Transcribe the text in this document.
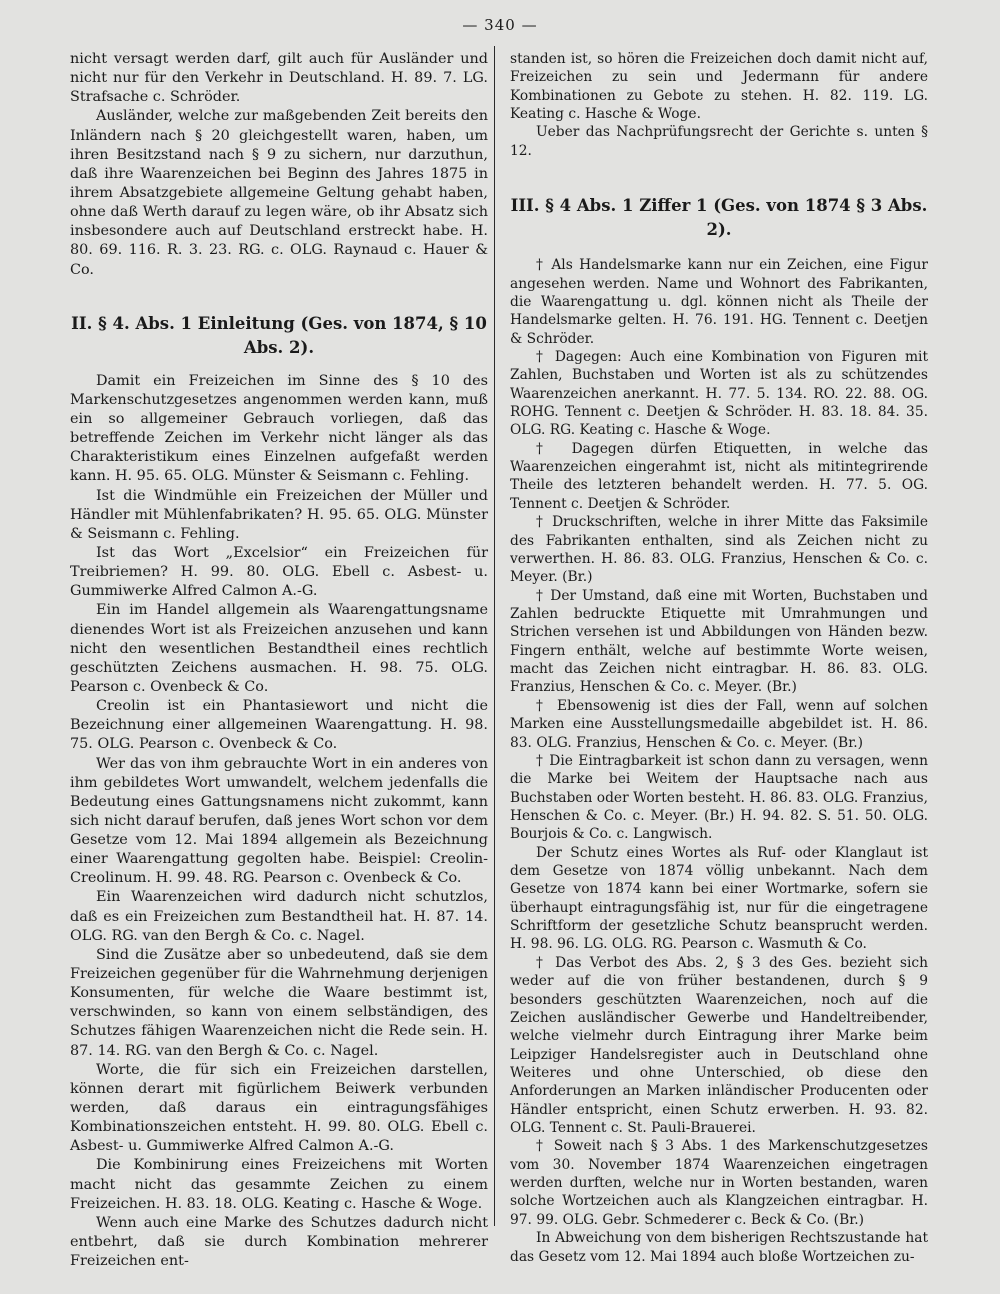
— 340 —

nicht versagt werden darf, gilt auch für Ausländer und nicht nur für den Verkehr in Deutschland. H. 89. 7. LG. Strafsache c. Schröder.

Ausländer, welche zur maßgebenden Zeit bereits den Inländern nach § 20 gleichgestellt waren, haben, um ihren Besitzstand nach § 9 zu sichern, nur darzuthun, daß ihre Waarenzeichen bei Beginn des Jahres 1875 in ihrem Absatzgebiete allgemeine Geltung gehabt haben, ohne daß Werth darauf zu legen wäre, ob ihr Absatz sich insbesondere auch auf Deutschland erstreckt habe. H. 80. 69. 116. R. 3. 23. RG. c. OLG. Raynaud c. Hauer & Co.

II. § 4. Abs. 1 Einleitung (Ges. von 1874, § 10 Abs. 2).

Damit ein Freizeichen im Sinne des § 10 des Markenschutzgesetzes angenommen werden kann, muß ein so allgemeiner Gebrauch vorliegen, daß das betreffende Zeichen im Verkehr nicht länger als das Charakteristikum eines Einzelnen aufgefaßt werden kann. H. 95. 65. OLG. Münster & Seismann c. Fehling.

Ist die Windmühle ein Freizeichen der Müller und Händler mit Mühlenfabrikaten? H. 95. 65. OLG. Münster & Seismann c. Fehling.

Ist das Wort „Excelsior“ ein Freizeichen für Treibriemen? H. 99. 80. OLG. Ebell c. Asbest- u. Gummiwerke Alfred Calmon A.-G.

Ein im Handel allgemein als Waarengattungsname dienendes Wort ist als Freizeichen anzusehen und kann nicht den wesentlichen Bestandtheil eines rechtlich geschützten Zeichens ausmachen. H. 98. 75. OLG. Pearson c. Ovenbeck & Co.

Creolin ist ein Phantasiewort und nicht die Bezeichnung einer allgemeinen Waarengattung. H. 98. 75. OLG. Pearson c. Ovenbeck & Co.

Wer das von ihm gebrauchte Wort in ein anderes von ihm gebildetes Wort umwandelt, welchem jedenfalls die Bedeutung eines Gattungsnamens nicht zukommt, kann sich nicht darauf berufen, daß jenes Wort schon vor dem Gesetze vom 12. Mai 1894 allgemein als Bezeichnung einer Waarengattung gegolten habe. Beispiel: Creolin-Creolinum. H. 99. 48. RG. Pearson c. Ovenbeck & Co.

Ein Waarenzeichen wird dadurch nicht schutzlos, daß es ein Freizeichen zum Bestandtheil hat. H. 87. 14. OLG. RG. van den Bergh & Co. c. Nagel.

Sind die Zusätze aber so unbedeutend, daß sie dem Freizeichen gegenüber für die Wahrnehmung derjenigen Konsumenten, für welche die Waare bestimmt ist, verschwinden, so kann von einem selbständigen, des Schutzes fähigen Waarenzeichen nicht die Rede sein. H. 87. 14. RG. van den Bergh & Co. c. Nagel.

Worte, die für sich ein Freizeichen darstellen, können derart mit figürlichem Beiwerk verbunden werden, daß daraus ein eintragungsfähiges Kombinationszeichen entsteht. H. 99. 80. OLG. Ebell c. Asbest- u. Gummiwerke Alfred Calmon A.-G.

Die Kombinirung eines Freizeichens mit Worten macht nicht das gesammte Zeichen zu einem Freizeichen. H. 83. 18. OLG. Keating c. Hasche & Woge.

Wenn auch eine Marke des Schutzes dadurch nicht entbehrt, daß sie durch Kombination mehrerer Freizeichen ent-

standen ist, so hören die Freizeichen doch damit nicht auf, Freizeichen zu sein und Jedermann für andere Kombinationen zu Gebote zu stehen. H. 82. 119. LG. Keating c. Hasche & Woge.

Ueber das Nachprüfungsrecht der Gerichte s. unten § 12.

III. § 4 Abs. 1 Ziffer 1 (Ges. von 1874 § 3 Abs. 2).

† Als Handelsmarke kann nur ein Zeichen, eine Figur angesehen werden. Name und Wohnort des Fabrikanten, die Waarengattung u. dgl. können nicht als Theile der Handelsmarke gelten. H. 76. 191. HG. Tennent c. Deetjen & Schröder.

† Dagegen: Auch eine Kombination von Figuren mit Zahlen, Buchstaben und Worten ist als zu schützendes Waarenzeichen anerkannt. H. 77. 5. 134. RO. 22. 88. OG. ROHG. Tennent c. Deetjen & Schröder. H. 83. 18. 84. 35. OLG. RG. Keating c. Hasche & Woge.

† Dagegen dürfen Etiquetten, in welche das Waarenzeichen eingerahmt ist, nicht als mitintegrirende Theile des letzteren behandelt werden. H. 77. 5. OG. Tennent c. Deetjen & Schröder.

† Druckschriften, welche in ihrer Mitte das Faksimile des Fabrikanten enthalten, sind als Zeichen nicht zu verwerthen. H. 86. 83. OLG. Franzius, Henschen & Co. c. Meyer. (Br.)

† Der Umstand, daß eine mit Worten, Buchstaben und Zahlen bedruckte Etiquette mit Umrahmungen und Strichen versehen ist und Abbildungen von Händen bezw. Fingern enthält, welche auf bestimmte Worte weisen, macht das Zeichen nicht eintragbar. H. 86. 83. OLG. Franzius, Henschen & Co. c. Meyer. (Br.)

† Ebensowenig ist dies der Fall, wenn auf solchen Marken eine Ausstellungsmedaille abgebildet ist. H. 86. 83. OLG. Franzius, Henschen & Co. c. Meyer. (Br.)

† Die Eintragbarkeit ist schon dann zu versagen, wenn die Marke bei Weitem der Hauptsache nach aus Buchstaben oder Worten besteht. H. 86. 83. OLG. Franzius, Henschen & Co. c. Meyer. (Br.) H. 94. 82. S. 51. 50. OLG. Bourjois & Co. c. Langwisch.

Der Schutz eines Wortes als Ruf- oder Klanglaut ist dem Gesetze von 1874 völlig unbekannt. Nach dem Gesetze von 1874 kann bei einer Wortmarke, sofern sie überhaupt eintragungsfähig ist, nur für die eingetragene Schriftform der gesetzliche Schutz beansprucht werden. H. 98. 96. LG. OLG. RG. Pearson c. Wasmuth & Co.

† Das Verbot des Abs. 2, § 3 des Ges. bezieht sich weder auf die von früher bestandenen, durch § 9 besonders geschützten Waarenzeichen, noch auf die Zeichen ausländischer Gewerbe und Handeltreibender, welche vielmehr durch Eintragung ihrer Marke beim Leipziger Handelsregister auch in Deutschland ohne Weiteres und ohne Unterschied, ob diese den Anforderungen an Marken inländischer Producenten oder Händler entspricht, einen Schutz erwerben. H. 93. 82. OLG. Tennent c. St. Pauli-Brauerei.

† Soweit nach § 3 Abs. 1 des Markenschutzgesetzes vom 30. November 1874 Waarenzeichen eingetragen werden durften, welche nur in Worten bestanden, waren solche Wortzeichen auch als Klangzeichen eintragbar. H. 97. 99. OLG. Gebr. Schmederer c. Beck & Co. (Br.)

In Abweichung von dem bisherigen Rechtszustande hat das Gesetz vom 12. Mai 1894 auch bloße Wortzeichen zu-
